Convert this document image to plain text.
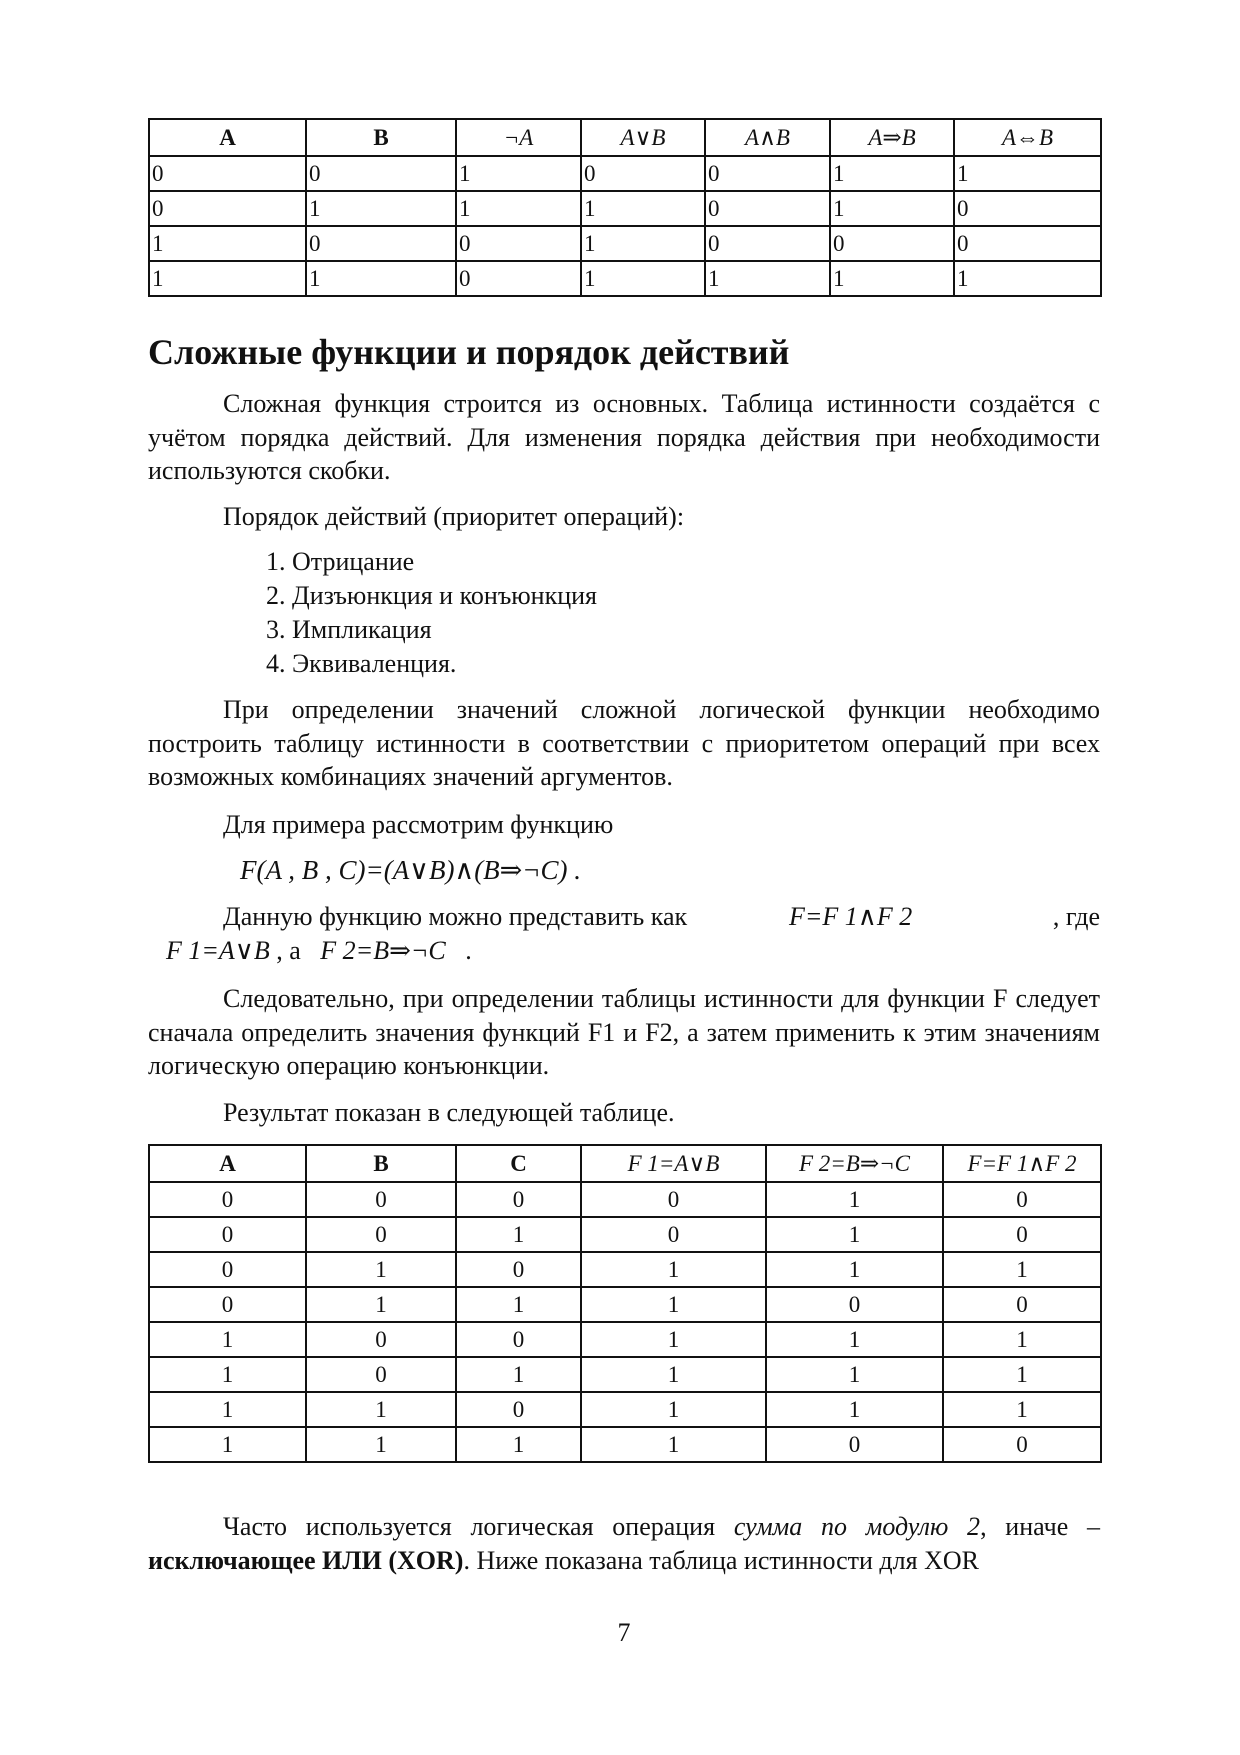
A	B	¬A	A∨B	A∧B	A⇒B	A⇔B
0	0	1	0	0	1	1
0	1	1	1	0	1	0
1	0	0	1	0	0	0
1	1	0	1	1	1	1
Сложные функции и порядок действий

Сложная функция строится из основных. Таблица истинности создаётся с учётом порядка действий. Для изменения порядка действия при необходимости используются скобки.

Порядок действий (приоритет операций):

1. Отрицание

2. Дизъюнкция и конъюнкция

3. Импликация

4. Эквиваленция.

При определении значений сложной логической функции необходимо построить таблицу истинности в соответствии с приоритетом операций при всех возможных комбинациях значений аргументов.

Для примера рассмотрим функцию

F(A , B , C)=(A∨B)∧(B⇒¬C) .

Данную функцию можно представить как	F=F 1∧F 2	, где

F 1=A∨B , а F 2=B⇒¬C .

Следовательно, при определении таблицы истинности для функции F следует сначала определить значения функций F1 и F2, а затем применить к этим значениям логическую операцию конъюнкции.

Результат показан в следующей таблице.

A	B	C	F 1=A∨B	F 2=B⇒¬C	F=F 1∧F 2
0	0	0	0	1	0
0	0	1	0	1	0
0	1	0	1	1	1
0	1	1	1	0	0
1	0	0	1	1	1
1	0	1	1	1	1
1	1	0	1	1	1
1	1	1	1	0	0

Часто используется логическая операция сумма по модулю 2, иначе – исключающее ИЛИ (XOR). Ниже показана таблица истинности для XOR

7
